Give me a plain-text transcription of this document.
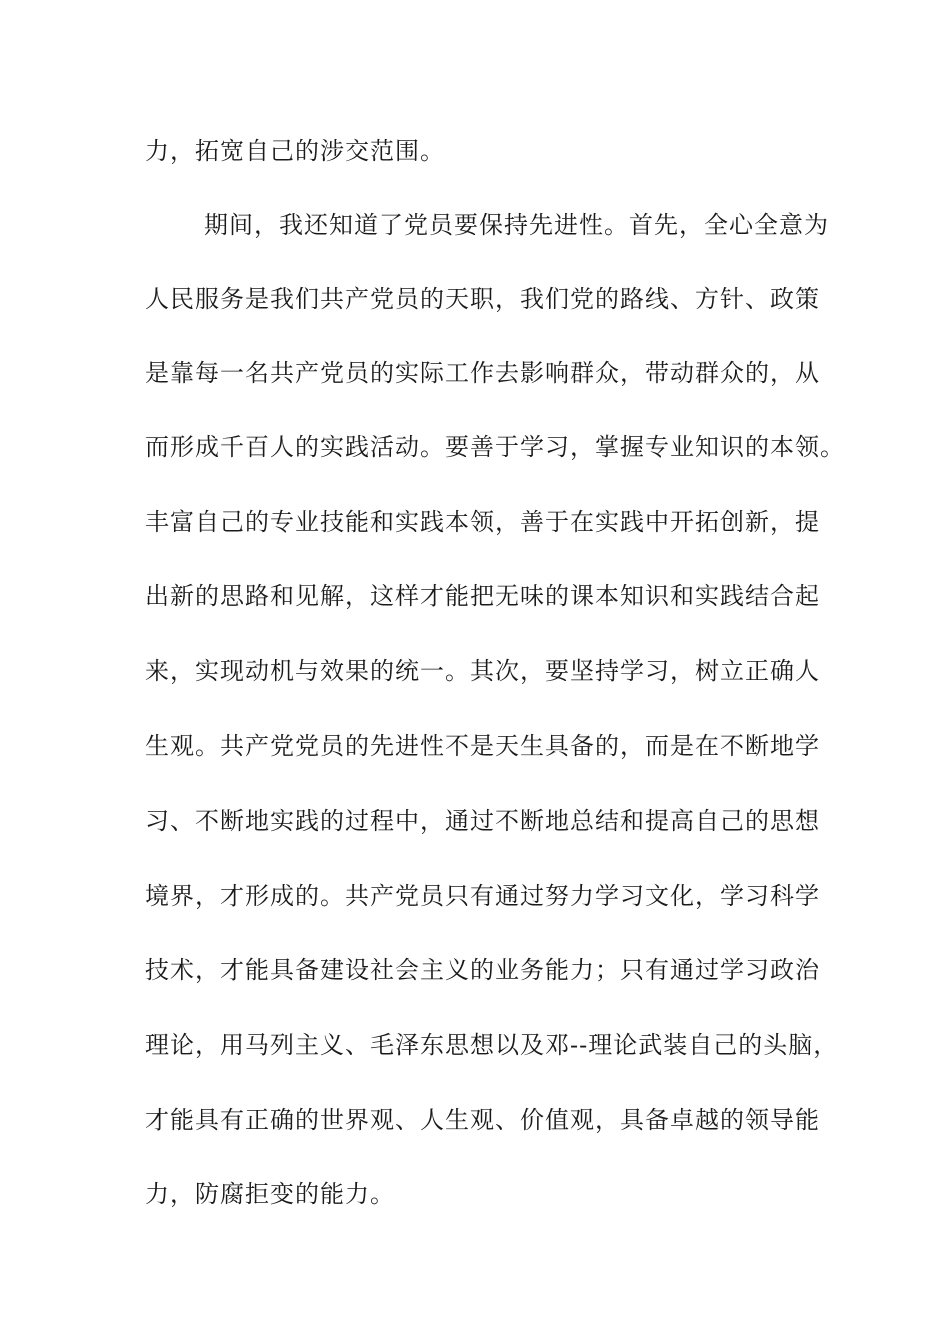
力，拓宽自己的涉交范围。
期间，我还知道了党员要保持先进性。首先，全心全意为
人民服务是我们共产党员的天职，我们党的路线、方针、政策
是靠每一名共产党员的实际工作去影响群众，带动群众的，从
而形成千百人的实践活动。要善于学习，掌握专业知识的本领。
丰富自己的专业技能和实践本领，善于在实践中开拓创新，提
出新的思路和见解，这样才能把无味的课本知识和实践结合起
来，实现动机与效果的统一。其次，要坚持学习，树立正确人
生观。共产党党员的先进性不是天生具备的，而是在不断地学
习、不断地实践的过程中，通过不断地总结和提高自己的思想
境界，才形成的。共产党员只有通过努力学习文化，学习科学
技术，才能具备建设社会主义的业务能力；只有通过学习政治
理论，用马列主义、毛泽东思想以及邓--理论武装自己的头脑，
才能具有正确的世界观、人生观、价值观，具备卓越的领导能
力，防腐拒变的能力。
